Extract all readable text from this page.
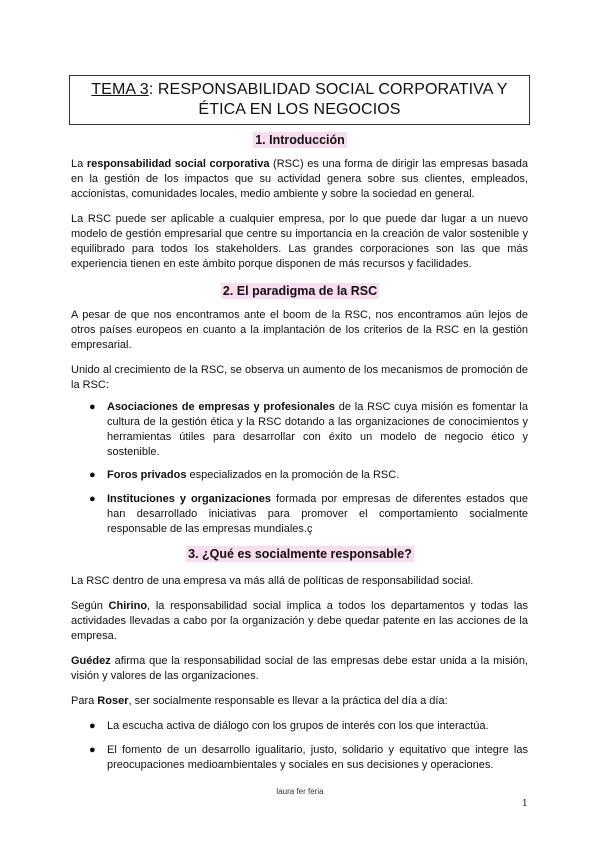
TEMA 3: RESPONSABILIDAD SOCIAL CORPORATIVA Y
ÉTICA EN LOS NEGOCIOS
1. Introducción
La responsabilidad social corporativa (RSC) es una forma de dirigir las empresas basada en la gestión de los impactos que su actividad genera sobre sus clientes, empleados, accionistas, comunidades locales, medio ambiente y sobre la sociedad en general.
La RSC puede ser aplicable a cualquier empresa, por lo que puede dar lugar a un nuevo modelo de gestión empresarial que centre su importancia en la creación de valor sostenible y equilibrado para todos los stakeholders. Las grandes corporaciones son las que más experiencia tienen en este ámbito porque disponen de más recursos y facilidades.
2. El paradigma de la RSC
A pesar de que nos encontramos ante el boom de la RSC, nos encontramos aún lejos de otros países europeos en cuanto a la implantación de los criterios de la RSC en la gestión empresarial.
Unido al crecimiento de la RSC, se observa un aumento de los mecanismos de promoción de la RSC:
● Asociaciones de empresas y profesionales de la RSC cuya misión es fomentar la cultura de la gestión ética y la RSC dotando a las organizaciones de conocimientos y herramientas útiles para desarrollar con éxito un modelo de negocio ético y sostenible.
● Foros privados especializados en la promoción de la RSC.
● Instituciones y organizaciones formada por empresas de diferentes estados que han desarrollado iniciativas para promover el comportamiento socialmente responsable de las empresas mundiales.ç
3. ¿Qué es socialmente responsable?
La RSC dentro de una empresa va más allá de políticas de responsabilidad social.
Según Chirino, la responsabilidad social implica a todos los departamentos y todas las actividades llevadas a cabo por la organización y debe quedar patente en las acciones de la empresa.
Guédez afirma que la responsabilidad social de las empresas debe estar unida a la misión, visión y valores de las organizaciones.
Para Roser, ser socialmente responsable es llevar a la práctica del día a día:
● La escucha activa de diálogo con los grupos de interés con los que interactúa.
● El fomento de un desarrollo igualitario, justo, solidario y equitativo que integre las preocupaciones medioambientales y sociales en sus decisiones y operaciones.
laura fer feria
1
